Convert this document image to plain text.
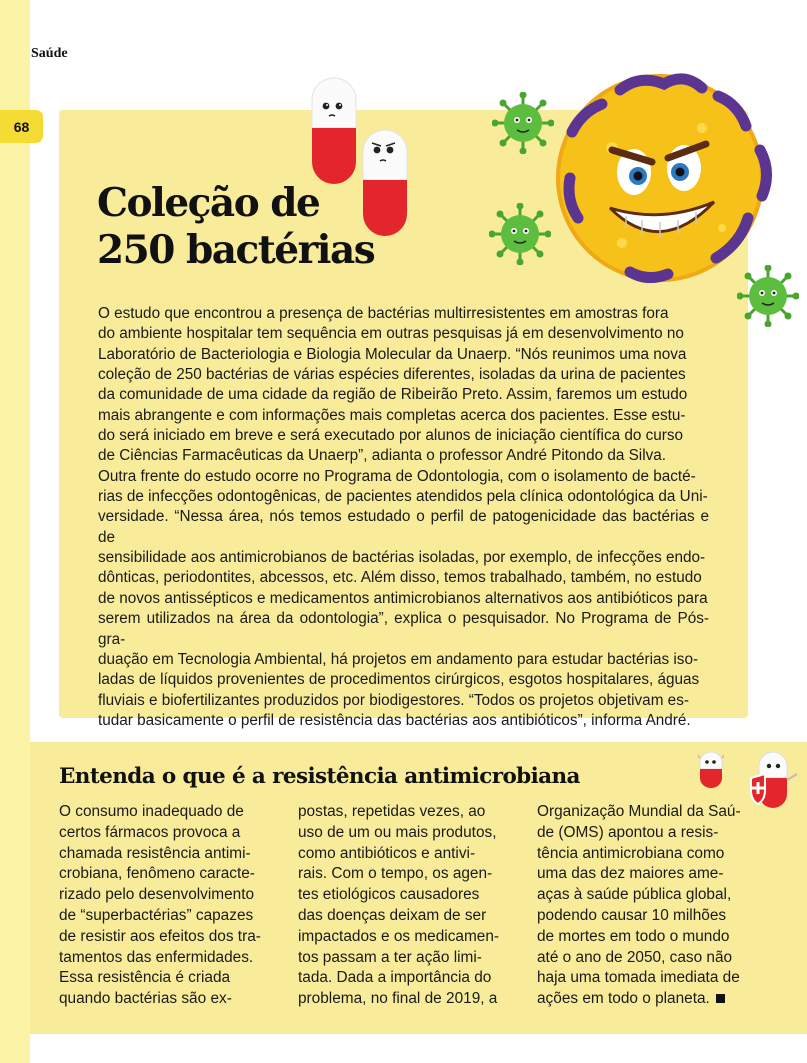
Saúde
68
Coleção de
250 bactérias
O estudo que encontrou a presença de bactérias multirresistentes em amostras fora
do ambiente hospitalar tem sequência em outras pesquisas já em desenvolvimento no
Laboratório de Bacteriologia e Biologia Molecular da Unaerp. “Nós reunimos uma nova
coleção de 250 bactérias de várias espécies diferentes, isoladas da urina de pacientes
da comunidade de uma cidade da região de Ribeirão Preto. Assim, faremos um estudo
mais abrangente e com informações mais completas acerca dos pacientes. Esse estu-
do será iniciado em breve e será executado por alunos de iniciação científica do curso
de Ciências Farmacêuticas da Unaerp”, adianta o professor André Pitondo da Silva.
Outra frente do estudo ocorre no Programa de Odontologia, com o isolamento de bacté-
rias de infecções odontogênicas, de pacientes atendidos pela clínica odontológica da Uni-
versidade. “Nessa área, nós temos estudado o perfil de patogenicidade das bactérias e de
sensibilidade aos antimicrobianos de bactérias isoladas, por exemplo, de infecções endo-
dônticas, periodontites, abcessos, etc. Além disso, temos trabalhado, também, no estudo
de novos antissépticos e medicamentos antimicrobianos alternativos aos antibióticos para
serem utilizados na área da odontologia”, explica o pesquisador. No Programa de Pós-gra-
duação em Tecnologia Ambiental, há projetos em andamento para estudar bactérias iso-
ladas de líquidos provenientes de procedimentos cirúrgicos, esgotos hospitalares, águas
fluviais e biofertilizantes produzidos por biodigestores. “Todos os projetos objetivam es-
tudar basicamente o perfil de resistência das bactérias aos antibióticos”, informa André.
Entenda o que é a resistência antimicrobiana
O consumo inadequado de
certos fármacos provoca a
chamada resistência antimi-
crobiana, fenômeno caracte-
rizado pelo desenvolvimento
de “superbactérias” capazes
de resistir aos efeitos dos tra-
tamentos das enfermidades.
Essa resistência é criada
quando bactérias são ex-
postas, repetidas vezes, ao
uso de um ou mais produtos,
como antibióticos e antivi-
rais. Com o tempo, os agen-
tes etiológicos causadores
das doenças deixam de ser
impactados e os medicamen-
tos passam a ter ação limi-
tada. Dada a importância do
problema, no final de 2019, a
Organização Mundial da Saú-
de (OMS) apontou a resis-
tência antimicrobiana como
uma das dez maiores ame-
aças à saúde pública global,
podendo causar 10 milhões
de mortes em todo o mundo
até o ano de 2050, caso não
haja uma tomada imediata de
ações em todo o planeta.
